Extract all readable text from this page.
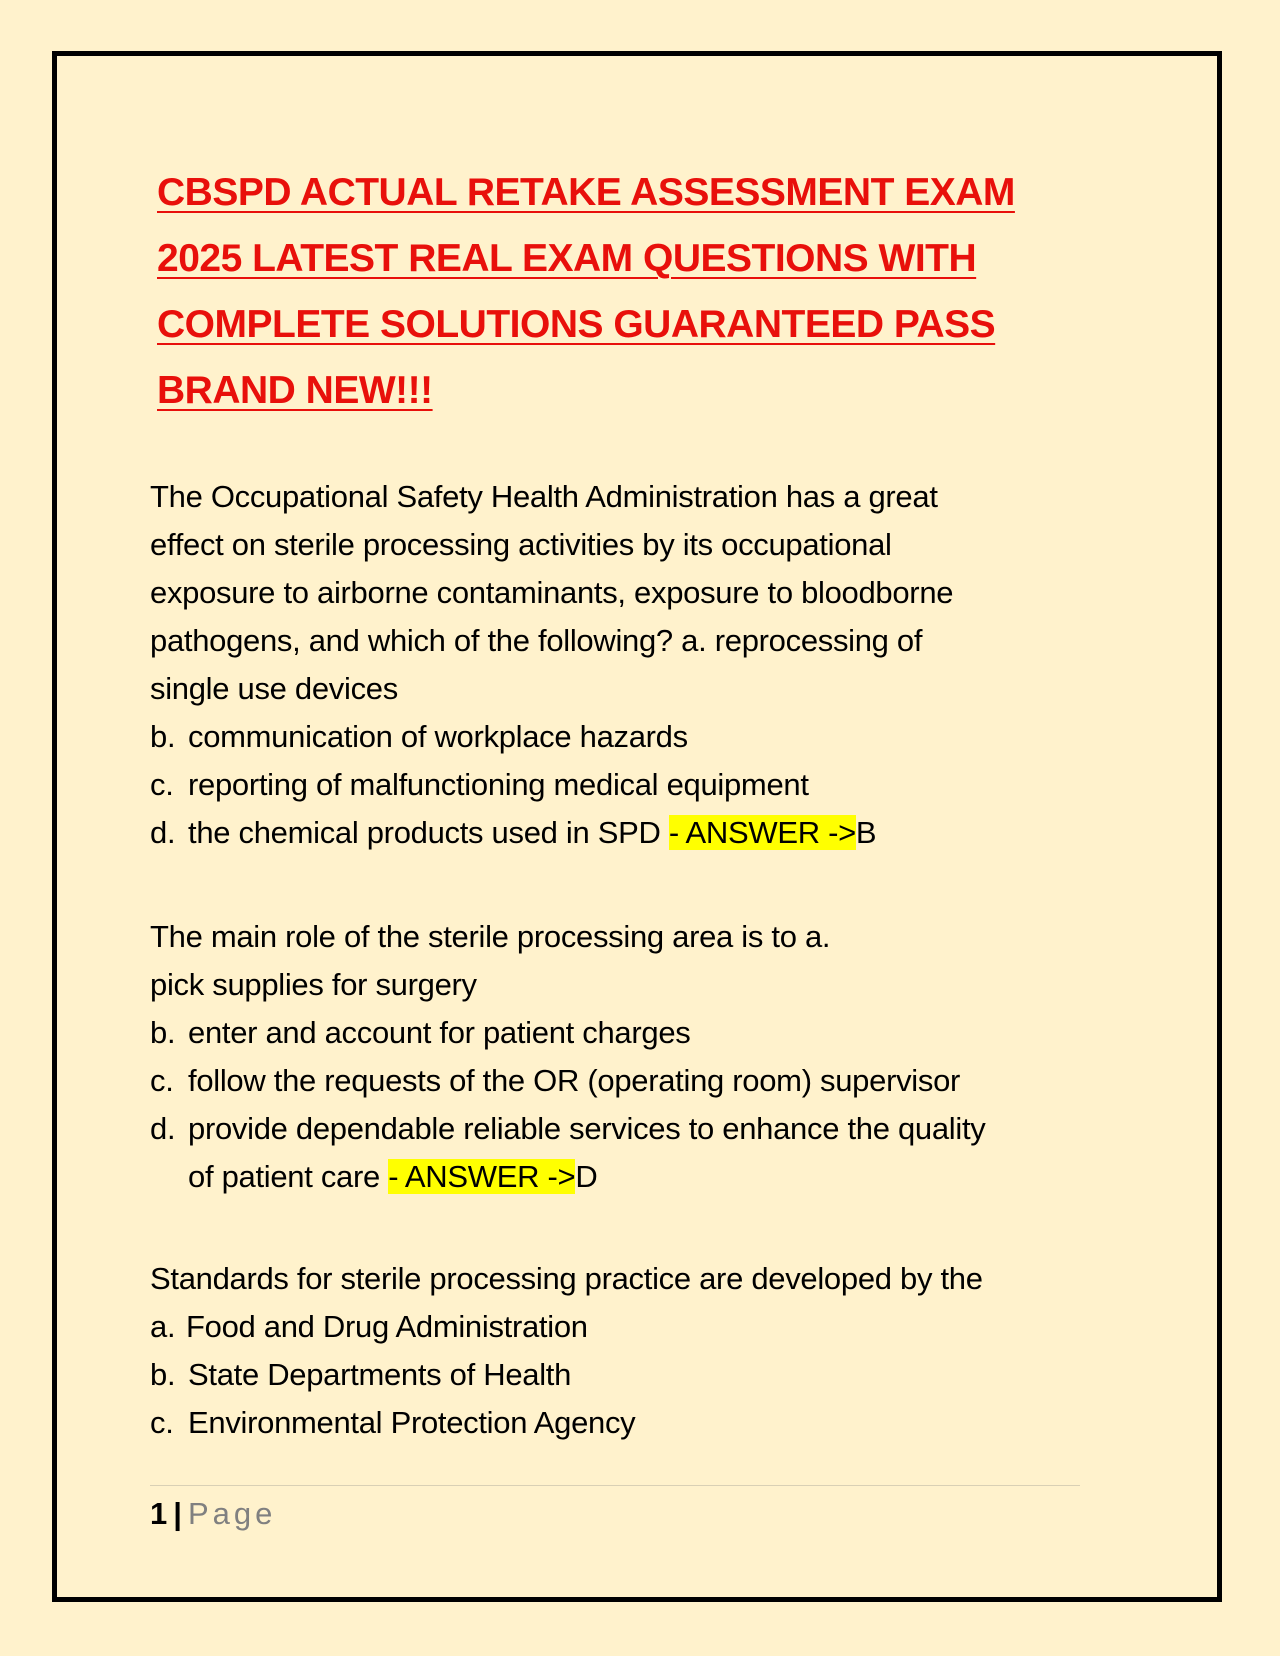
CBSPD ACTUAL RETAKE ASSESSMENT EXAM
2025 LATEST REAL EXAM QUESTIONS WITH
COMPLETE SOLUTIONS GUARANTEED PASS
BRAND NEW!!!
The Occupational Safety Health Administration has a great
effect on sterile processing activities by its occupational
exposure to airborne contaminants, exposure to bloodborne
pathogens, and which of the following? a. reprocessing of
single use devices
b. communication of workplace hazards
c. reporting of malfunctioning medical equipment
d. the chemical products used in SPD - ANSWER ->B
The main role of the sterile processing area is to a.
pick supplies for surgery
b. enter and account for patient charges
c. follow the requests of the OR (operating room) supervisor
d. provide dependable reliable services to enhance the quality
of patient care - ANSWER ->D
Standards for sterile processing practice are developed by the
a. Food and Drug Administration
b. State Departments of Health
c. Environmental Protection Agency
1 | Page
